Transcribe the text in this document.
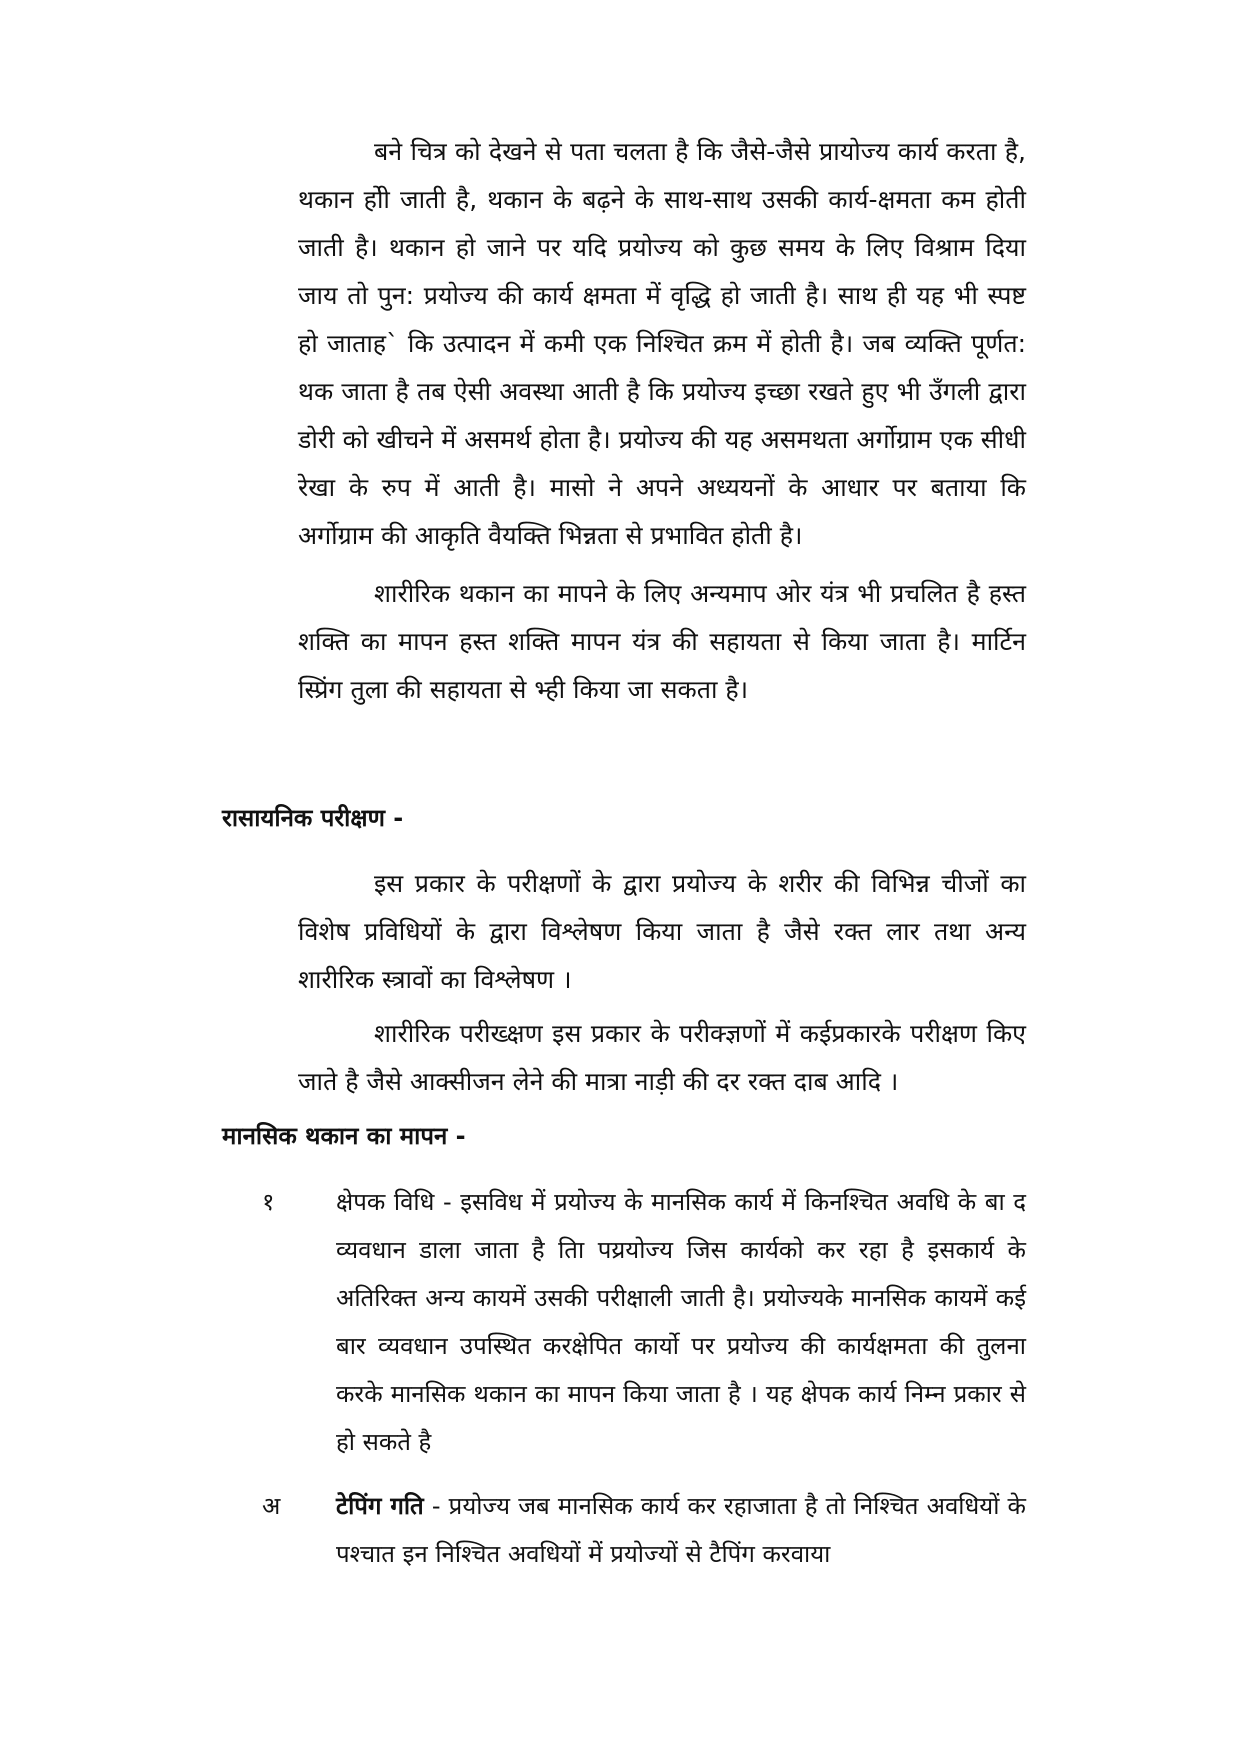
बने चित्र को देखने से पता चलता है कि जैसे-जैसे प्रायोज्य कार्य करता है, थकान होी जाती है, थकान के बढ़ने के साथ-साथ उसकी कार्य-क्षमता कम होती जाती है। थकान हो जाने पर यदि प्रयोज्य को कुछ समय के लिए विश्राम दिया जाय तो पुन: प्रयोज्य की कार्य क्षमता में वृद्धि हो जाती है। साथ ही यह भी स्पष्ट हो जाताह` कि उत्पादन में कमी एक निश्चित क्रम में होती है। जब व्यक्ति पूर्णत: थक जाता है तब ऐसी अवस्था आती है कि प्रयोज्य इच्छा रखते हुए भी उँगली द्वारा डोरी को खीचने में असमर्थ होता है। प्रयोज्य की यह असमथता अर्गोग्राम एक सीधी रेखा के रुप में आती है। मासो ने अपने अध्ययनों के आधार पर बताया कि अर्गोग्राम की आकृति वैयक्ति भिन्नता से प्रभावित होती है।

शारीरिक थकान का मापने के लिए अन्यमाप ओर यंत्र भी प्रचलित है हस्त शक्ति का मापन हस्त शक्ति मापन यंत्र की सहायता से किया जाता है। मार्टिन स्प्रिंग तुला की सहायता से भ्ही किया जा सकता है।

रासायनिक परीक्षण -

इस प्रकार के परीक्षणों के द्वारा प्रयोज्य के शरीर की विभिन्न चीजों का विशेष प्रविधियों के द्वारा विश्लेषण किया जाता है जैसे रक्त लार तथा अन्य शारीरिक स्त्रावों का विश्लेषण ।

शारीरिक परीख्क्षण इस प्रकार के परीक्ज्ञणों में कईप्रकारके परीक्षण किए जाते है जैसे आक्सीजन लेने की मात्रा नाड़ी की दर रक्त दाब आदि ।

मानसिक थकान का मापन -
१	क्षेपक विधि - इसविध में प्रयोज्य के मानसिक कार्य में किनश्चित अवधि के बा द व्यवधान डाला जाता है ताि पय्रयोज्य जिस कार्यको कर रहा है इसकार्य के अतिरिक्त अन्य कायमें उसकी परीक्षाली जाती है। प्रयोज्यके मानसिक कायमें कई बार व्यवधान उपस्थित करक्षेपित कार्यो पर प्रयोज्य की कार्यक्षमता की तुलना करके मानसिक थकान का मापन किया जाता है । यह क्षेपक कार्य निम्न प्रकार से हो सकते है

अ टेपिंग गति - प्रयोज्य जब मानसिक कार्य कर रहाजाता है तो निश्चित अवधियों के पश्चात इन निश्चित अवधियों में प्रयोज्यों से टैपिंग करवाया
